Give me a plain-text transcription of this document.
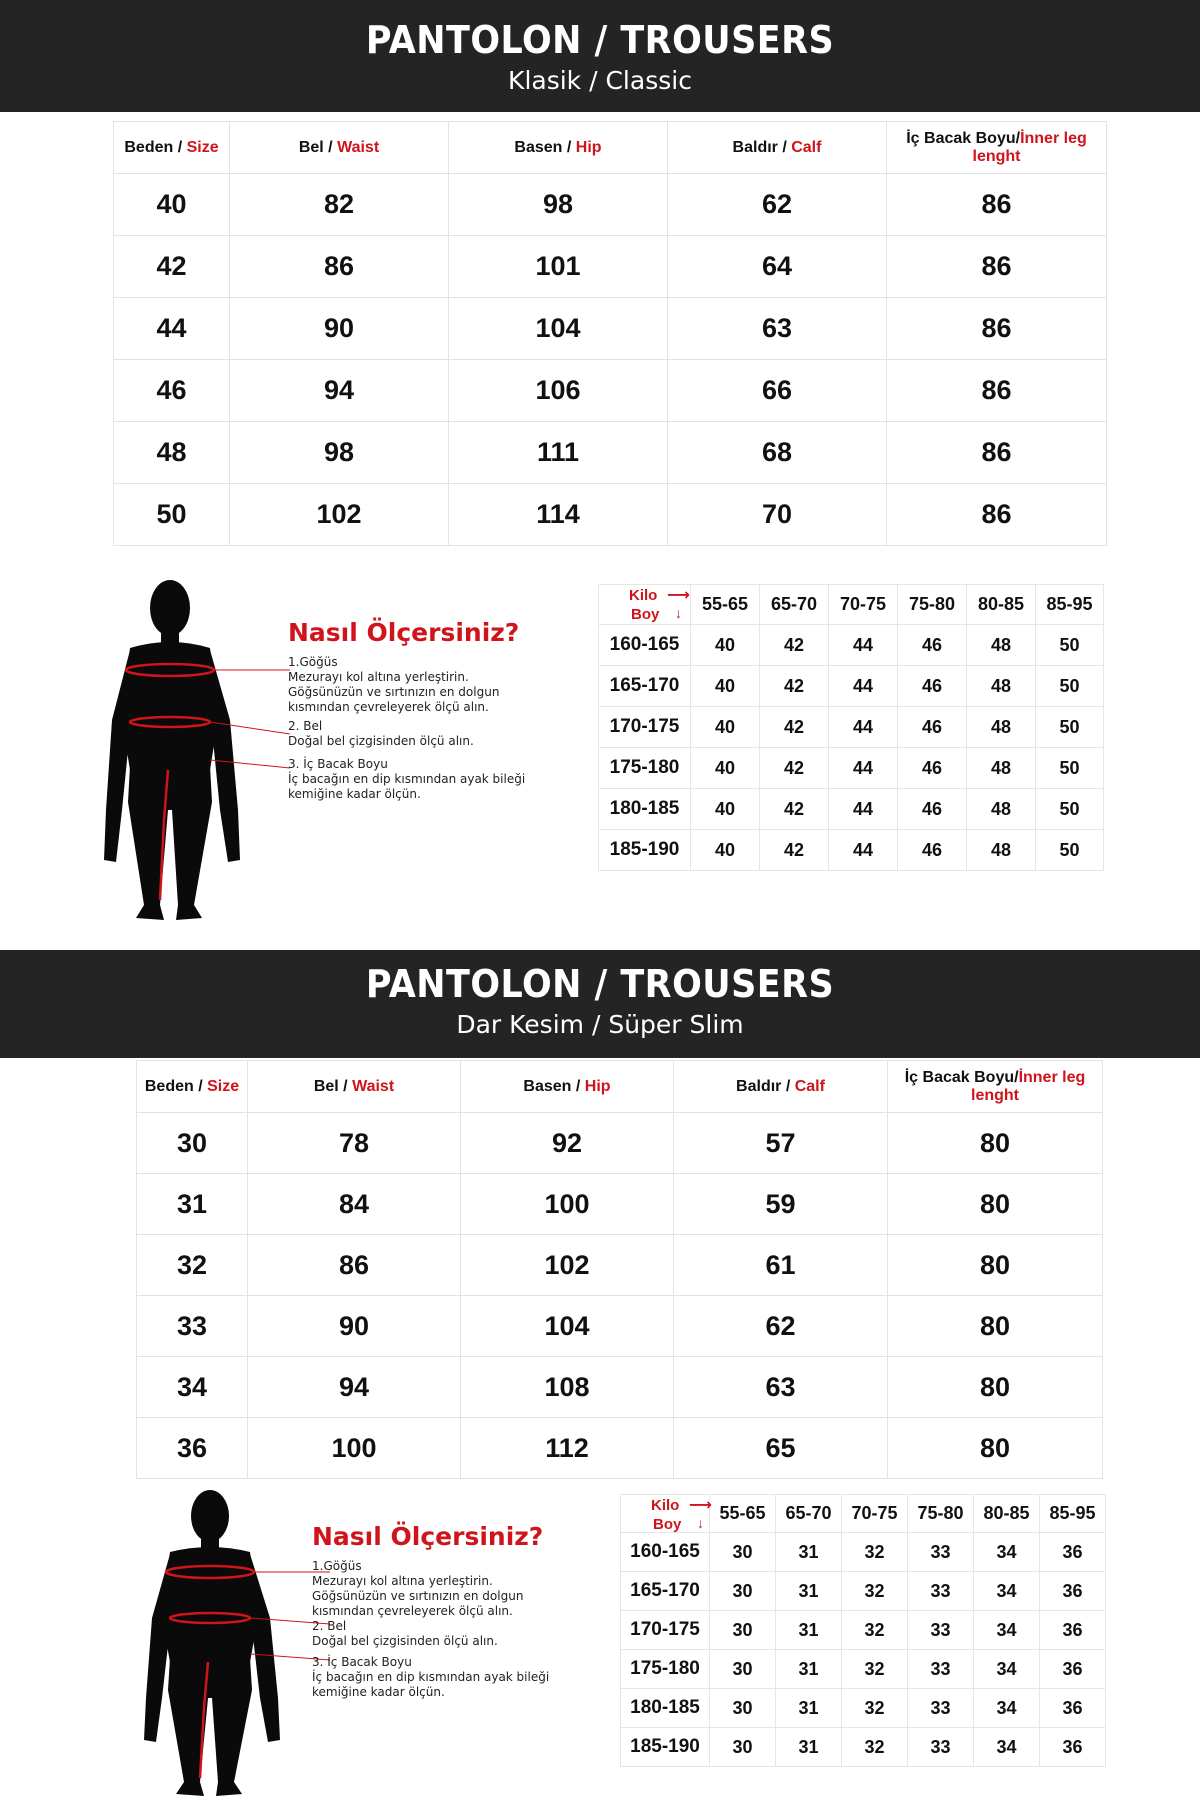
PANTOLON / TROUSERS
Klasik / Classic
Beden / Size	Bel / Waist	Basen / Hip	Baldır / Calf	İç Bacak Boyu/İnner leg lenght
40	82	98	62	86
42	86	101	64	86
44	90	104	63	86
46	94	106	66	86
48	98	111	68	86
50	102	114	70	86
Nasıl Ölçersiniz?
1.Göğüs
Mezurayı kol altına yerleştirin.
Göğsünüzün ve sırtınızın en dolgun
kısmından çevreleyerek ölçü alın.
2. Bel
Doğal bel çizgisinden ölçü alın.
3. İç Bacak Boyu
İç bacağın en dip kısmından ayak bileği
kemiğine kadar ölçün.
Kilo ⟶
Boy ↓	55-65	65-70	70-75	75-80	80-85	85-95
160-165	40	42	44	46	48	50
165-170	40	42	44	46	48	50
170-175	40	42	44	46	48	50
175-180	40	42	44	46	48	50
180-185	40	42	44	46	48	50
185-190	40	42	44	46	48	50
PANTOLON / TROUSERS
Dar Kesim / Süper Slim
Beden / Size	Bel / Waist	Basen / Hip	Baldır / Calf	İç Bacak Boyu/İnner leg lenght
30	78	92	57	80
31	84	100	59	80
32	86	102	61	80
33	90	104	62	80
34	94	108	63	80
36	100	112	65	80
Nasıl Ölçersiniz?
1.Göğüs
Mezurayı kol altına yerleştirin.
Göğsünüzün ve sırtınızın en dolgun
kısmından çevreleyerek ölçü alın.
2. Bel
Doğal bel çizgisinden ölçü alın.
3. İç Bacak Boyu
İç bacağın en dip kısmından ayak bileği
kemiğine kadar ölçün.
Kilo ⟶
Boy ↓	55-65	65-70	70-75	75-80	80-85	85-95
160-165	30	31	32	33	34	36
165-170	30	31	32	33	34	36
170-175	30	31	32	33	34	36
175-180	30	31	32	33	34	36
180-185	30	31	32	33	34	36
185-190	30	31	32	33	34	36
